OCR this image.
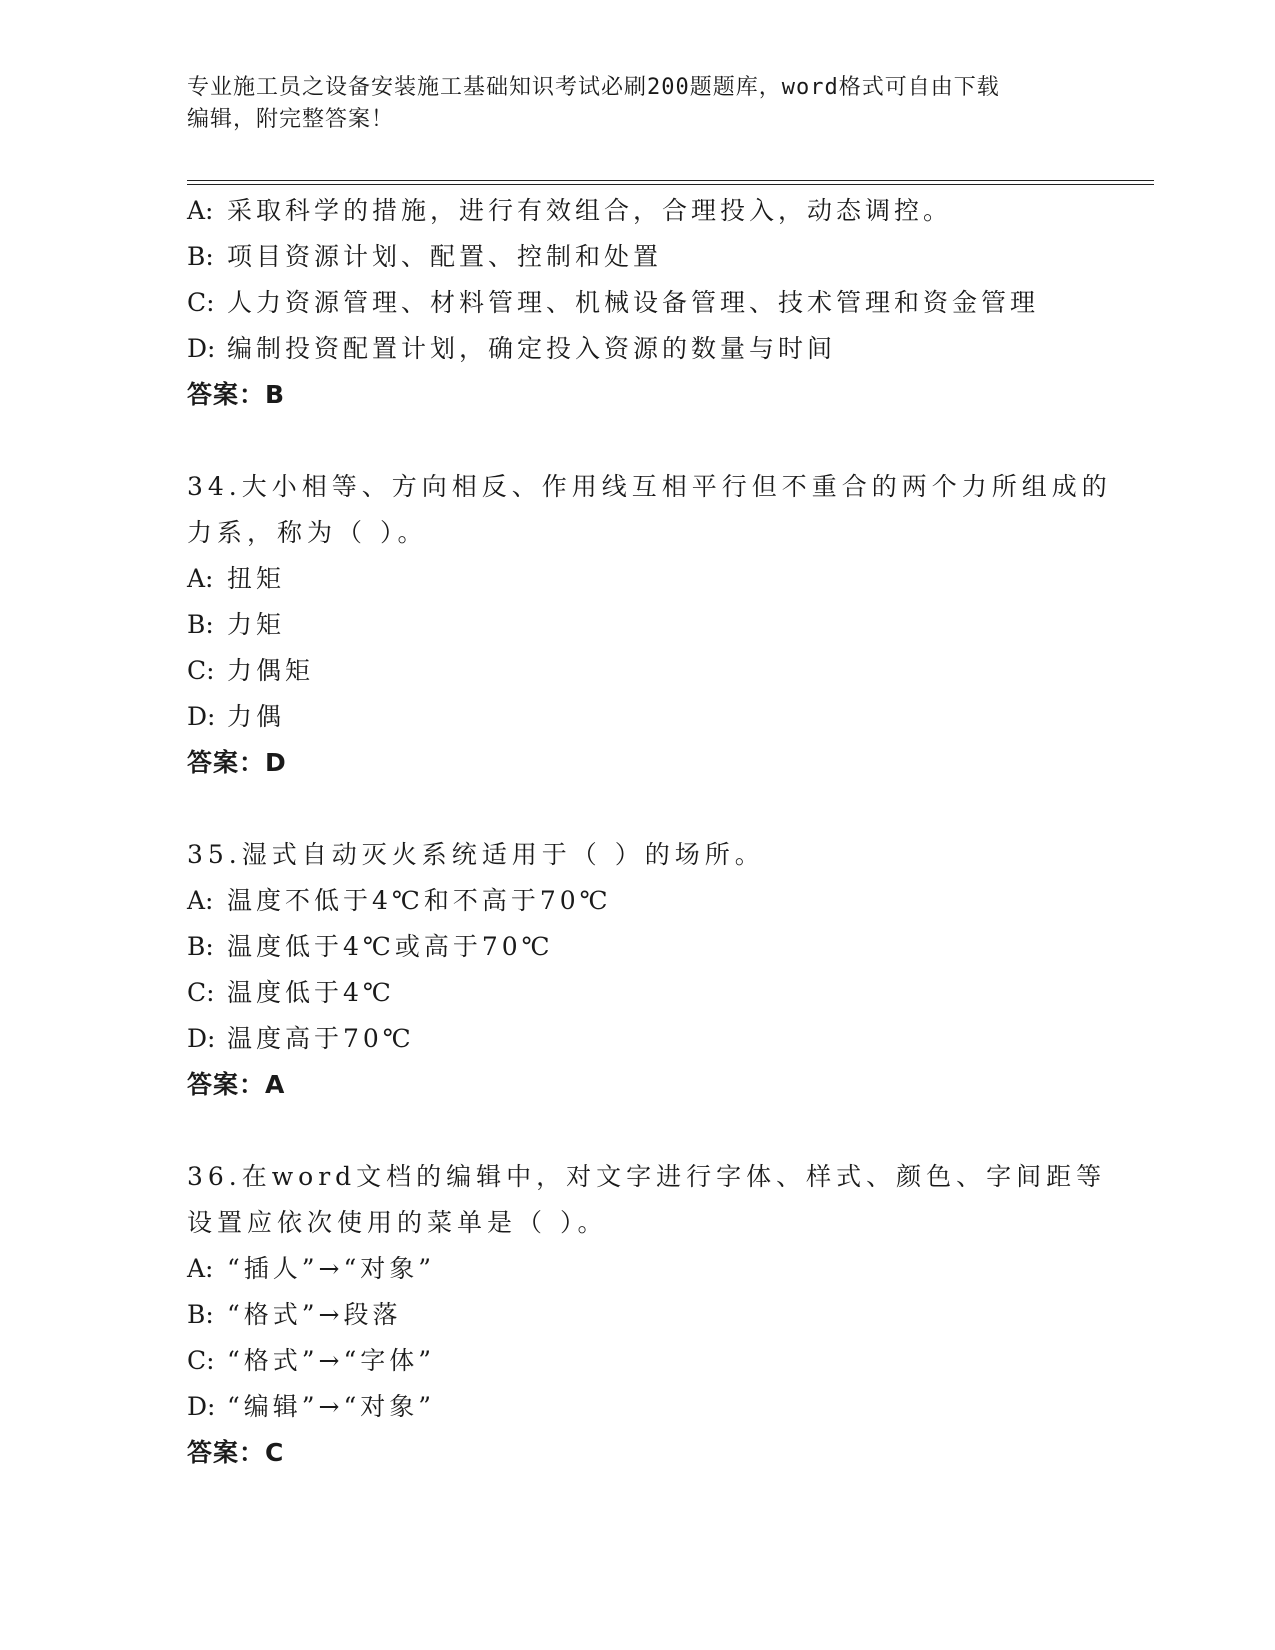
专业施工员之设备安装施工基础知识考试必刷200题题库，word格式可自由下载
编辑，附完整答案！
A: 采取科学的措施，进行有效组合，合理投入，动态调控。
B: 项目资源计划、配置、控制和处置
C: 人力资源管理、材料管理、机械设备管理、技术管理和资金管理
D: 编制投资配置计划，确定投入资源的数量与时间
答案：B
34.大小相等、方向相反、作用线互相平行但不重合的两个力所组成的
力系，称为（ ）。
A: 扭矩
B: 力矩
C: 力偶矩
D: 力偶
答案：D
35.湿式自动灭火系统适用于（ ）的场所。
A: 温度不低于4℃和不高于70℃
B: 温度低于4℃或高于70℃
C: 温度低于4℃
D: 温度高于70℃
答案：A
36.在word文档的编辑中，对文字进行字体、样式、颜色、字间距等
设置应依次使用的菜单是（ ）。
A: “插人”→“对象”
B: “格式”→段落
C: “格式”→“字体”
D: “编辑”→“对象”
答案：C
